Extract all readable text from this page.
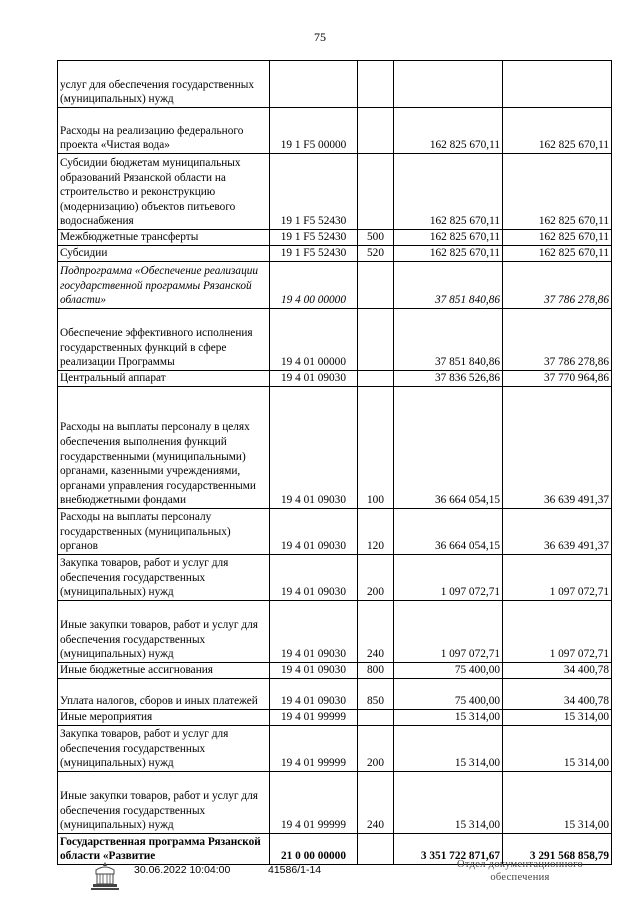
75
услуг для обеспечения государственных (муниципальных) нужд				
Расходы на реализацию федерального проекта «Чистая вода»	19 1 F5 00000		162 825 670,11	162 825 670,11
Субсидии бюджетам муниципальных образований Рязанской области на строительство и реконструкцию (модернизацию) объектов питьевого водоснабжения	19 1 F5 52430		162 825 670,11	162 825 670,11
Межбюджетные трансферты	19 1 F5 52430	500	162 825 670,11	162 825 670,11
Субсидии	19 1 F5 52430	520	162 825 670,11	162 825 670,11
Подпрограмма «Обеспечение реализации государственной программы Рязанской области»	19 4 00 00000		37 851 840,86	37 786 278,86
Обеспечение эффективного исполнения государственных функций в сфере реализации Программы	19 4 01 00000		37 851 840,86	37 786 278,86
Центральный аппарат	19 4 01 09030		37 836 526,86	37 770 964,86
Расходы на выплаты персоналу в целях обеспечения выполнения функций государственными (муниципальными) органами, казенными учреждениями, органами управления государственными внебюджетными фондами	19 4 01 09030	100	36 664 054,15	36 639 491,37
Расходы на выплаты персоналу государственных (муниципальных) органов	19 4 01 09030	120	36 664 054,15	36 639 491,37
Закупка товаров, работ и услуг для обеспечения государственных (муниципальных) нужд	19 4 01 09030	200	1 097 072,71	1 097 072,71
Иные закупки товаров, работ и услуг для обеспечения государственных (муниципальных) нужд	19 4 01 09030	240	1 097 072,71	1 097 072,71
Иные бюджетные ассигнования	19 4 01 09030	800	75 400,00	34 400,78
Уплата налогов, сборов и иных платежей	19 4 01 09030	850	75 400,00	34 400,78
Иные мероприятия	19 4 01 99999		15 314,00	15 314,00
Закупка товаров, работ и услуг для обеспечения государственных (муниципальных) нужд	19 4 01 99999	200	15 314,00	15 314,00
Иные закупки товаров, работ и услуг для обеспечения государственных (муниципальных) нужд	19 4 01 99999	240	15 314,00	15 314,00
Государственная программа Рязанской области «Развитие	21 0 00 00000		3 351 722 871,67	3 291 568 858,79
30.06.2022 10:04:00	41586/1-14	Отдел документационного обеспечения
